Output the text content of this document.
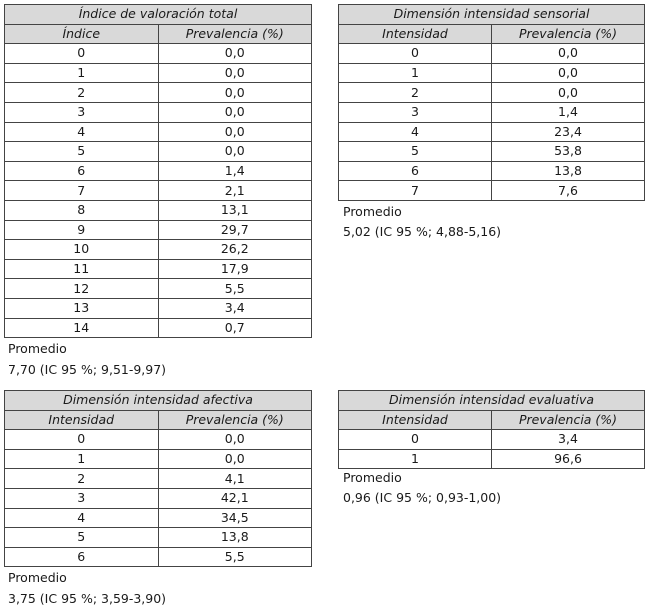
Índice de valoración total	
Índice	Prevalencia (%)
0	0,0
1	0,0
2	0,0
3	0,0
4	0,0
5	0,0
6	1,4
7	2,1
8	13,1
9	29,7
10	26,2
11	17,9
12	5,5
13	3,4
14	0,7
Promedio
7,70 (IC 95 %; 9,51-9,97)
Dimensión intensidad sensorial	
Intensidad	Prevalencia (%)
0	0,0
1	0,0
2	0,0
3	1,4
4	23,4
5	53,8
6	13,8
7	7,6
Promedio
5,02 (IC 95 %; 4,88-5,16)
Dimensión intensidad afectiva	
Intensidad	Prevalencia (%)
0	0,0
1	0,0
2	4,1
3	42,1
4	34,5
5	13,8
6	5,5
Promedio
3,75 (IC 95 %; 3,59-3,90)
Dimensión intensidad evaluativa	
Intensidad	Prevalencia (%)
0	3,4
1	96,6
Promedio
0,96 (IC 95 %; 0,93-1,00)
